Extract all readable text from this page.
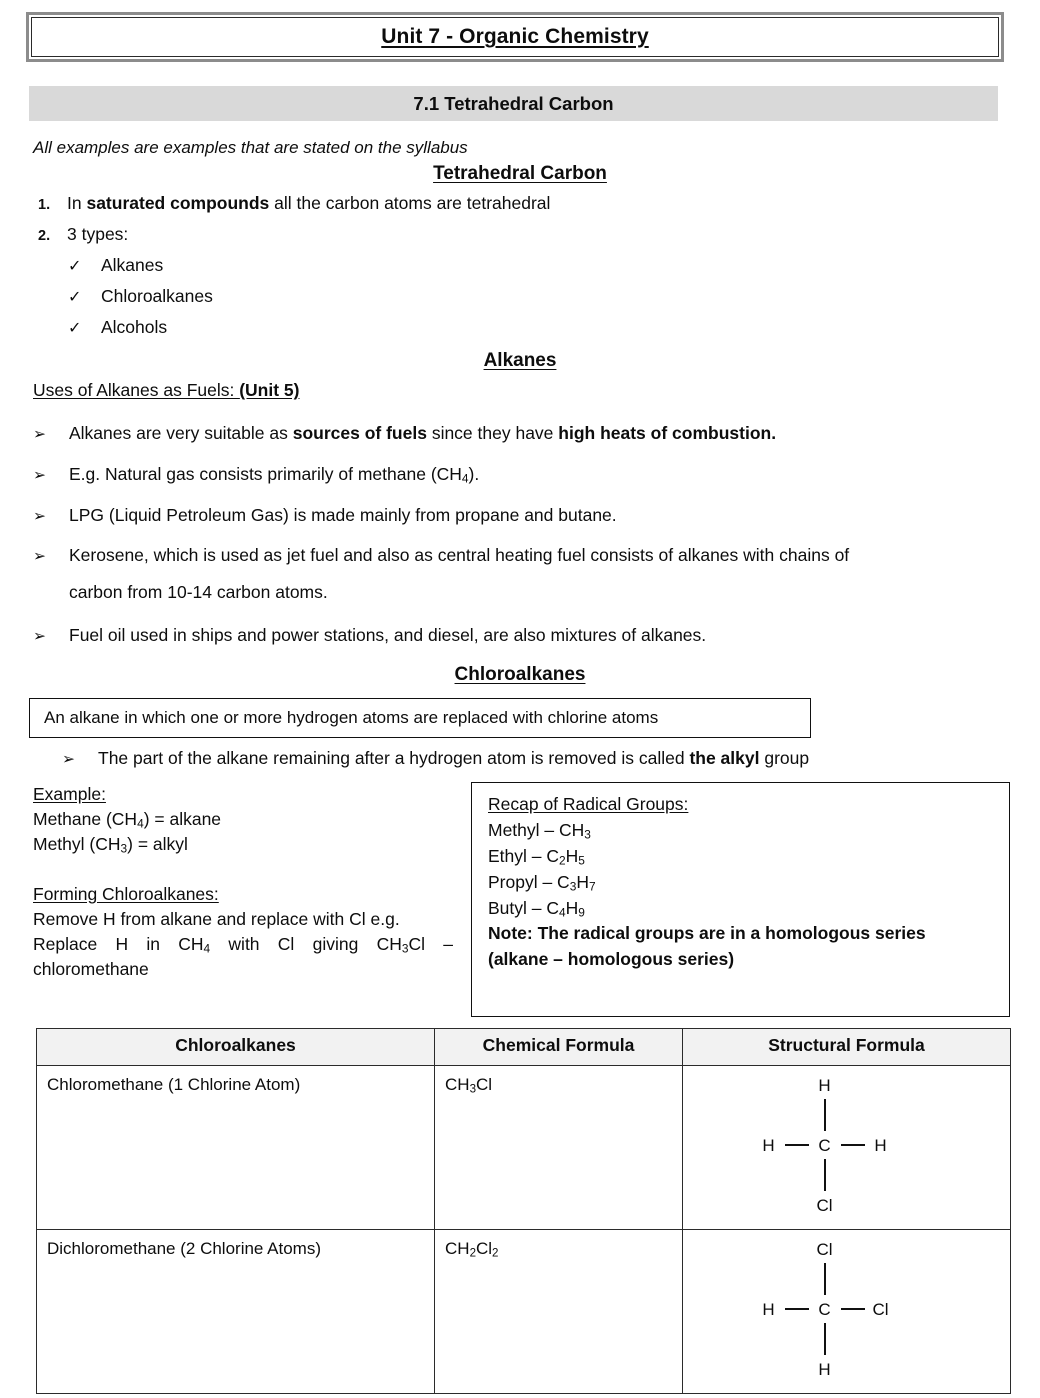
Unit 7 - Organic Chemistry
7.1 Tetrahedral Carbon
All examples are examples that are stated on the syllabus
Tetrahedral Carbon
1. In saturated compounds all the carbon atoms are tetrahedral
2. 3 types:
✓	Alkanes
✓	Chloroalkanes
✓	Alcohols
Alkanes
Uses of Alkanes as Fuels: (Unit 5)
➢	Alkanes are very suitable as sources of fuels since they have high heats of combustion.
➢	E.g. Natural gas consists primarily of methane $(CH_4)$.
➢	LPG (Liquid Petroleum Gas) is made mainly from propane and butane.
➢	Kerosene, which is used as jet fuel and also as central heating fuel consists of alkanes with chains of
carbon from 10-14 carbon atoms.
➢	Fuel oil used in ships and power stations, and diesel, are also mixtures of alkanes.
Chloroalkanes
An alkane in which one or more hydrogen atoms are replaced with chlorine atoms
➢	The part of the alkane remaining after a hydrogen atom is removed is called the alkyl group
Example:
Methane $(CH_4)$ = alkane
Methyl $(CH_3)$ = alkyl
Forming Chloroalkanes:
Remove H from alkane and replace with Cl e.g.
Replace H in $CH_4$ with Cl giving $CH_3Cl$ –
chloromethane
Recap of Radical Groups:
Methyl – $CH_3$
Ethyl – $C_2H_5$
Propyl – $C_3H_7$
Butyl – $C_4H_9$
Note: The radical groups are in a homologous series
(alkane – homologous series)
Chloroalkanes	Chemical Formula	Structural Formula
Chloromethane (1 Chlorine Atom)	$CH_3Cl$	H
H C H
Cl

Dichloromethane (2 Chlorine Atoms)	$CH_2Cl_2$	Cl
H C Cl
H
